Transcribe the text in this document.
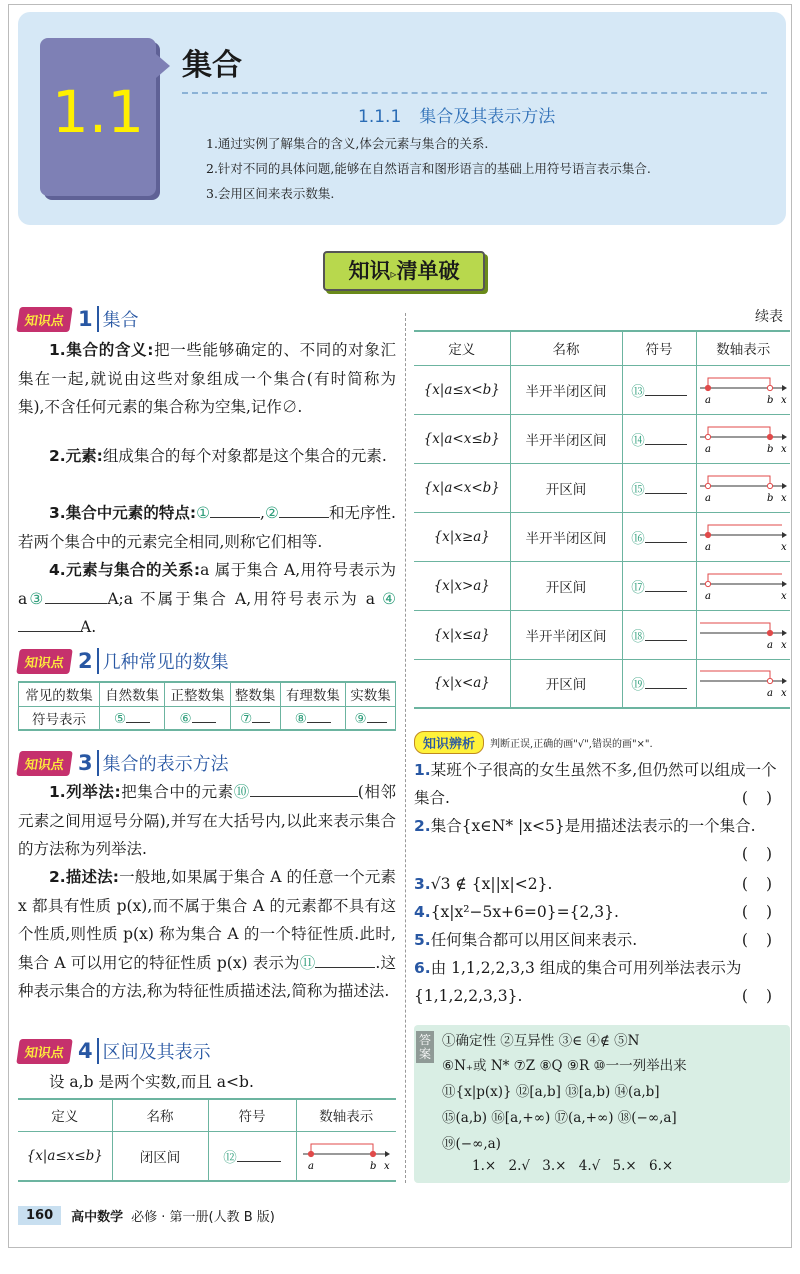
1.1
集合
1.1.1 集合及其表示方法
1.通过实例了解集合的含义,体会元素与集合的关系.
2.针对不同的具体问题,能够在自然语言和图形语言的基础上用符号语言表示集合.
3.会用区间来表示数集.
知识▹清单破
知识点 1 集合
1.集合的含义:把一些能够确定的、不同的对象汇集在一起,就说由这些对象组成一个集合(有时简称为集),不含任何元素的集合称为空集,记作∅.
2.元素:组成集合的每个对象都是这个集合的元素.
3.集合中元素的特点:①	,②	和无序性.若两个集合中的元素完全相同,则称它们相等.
4.元素与集合的关系:a 属于集合 A,用符号表示为 a③	A;a 不属于集合 A,用符号表示为 a ④A.
知识点 2 几种常见的数集
常见的数集	自然数集	正整数集	整数集	有理数集	实数集
符号表示	⑤	⑥	⑦	⑧	⑨
知识点 3 集合的表示方法
1.列举法:把集合中的元素⑩	(相邻元素之间用逗号分隔),并写在大括号内,以此来表示集合的方法称为列举法.
2.描述法:一般地,如果属于集合 A 的任意一个元素 x 都具有性质 p(x),而不属于集合 A 的元素都不具有这个性质,则性质 p(x) 称为集合 A 的一个特征性质.此时,集合 A 可以用它的特征性质 p(x) 表示为⑪	.这种表示集合的方法,称为特征性质描述法,简称为描述法.
知识点 4 区间及其表示
设 a,b 是两个实数,而且 a<b.
定义	名称	符号	数轴表示
{x|a≤x≤b}	闭区间	⑫	x
a b
续表
定义	名称	符号	数轴表示
{x|a≤x<b}	半开半闭区间	⑬	x
a b

{x|a<x≤b}	半开半闭区间	⑭	x
a b

{x|a<x<b}	开区间	⑮	x
a b

{x|x≥a}	半开半闭区间	⑯	x
a

{x|x>a}	开区间	⑰	x
a

{x|x≤a}	半开半闭区间	⑱	x
a

{x|x<a}	开区间	⑲	x
a
知识辨析	判断正误,正确的画"√",错误的画"×".
1.某班个子很高的女生虽然不多,但仍然可以组成一个集合.	()
2.集合{x∈N* |x<5}是用描述法表示的一个集合.
()
3.√3 ∉ {x||x|<2}.	()
4.{x|x²−5x+6=0}={2,3}.	()
5.任何集合都可以用区间来表示.	()
6.由 1,1,2,2,3,3 组成的集合可用列举法表示为{1,1,2,2,3,3}.	()
答案
①确定性 ②互异性 ③∈ ④∉ ⑤N
⑥N₊或 N* ⑦Z ⑧Q ⑨R ⑩一一列举出来
⑪{x|p(x)} ⑫[a,b] ⑬[a,b) ⑭(a,b]
⑮(a,b) ⑯[a,+∞) ⑰(a,+∞) ⑱(−∞,a]
⑲(−∞,a)
1.× 2.√ 3.× 4.√ 5.× 6.×
160	高中数学 必修 · 第一册(人教 B 版)
